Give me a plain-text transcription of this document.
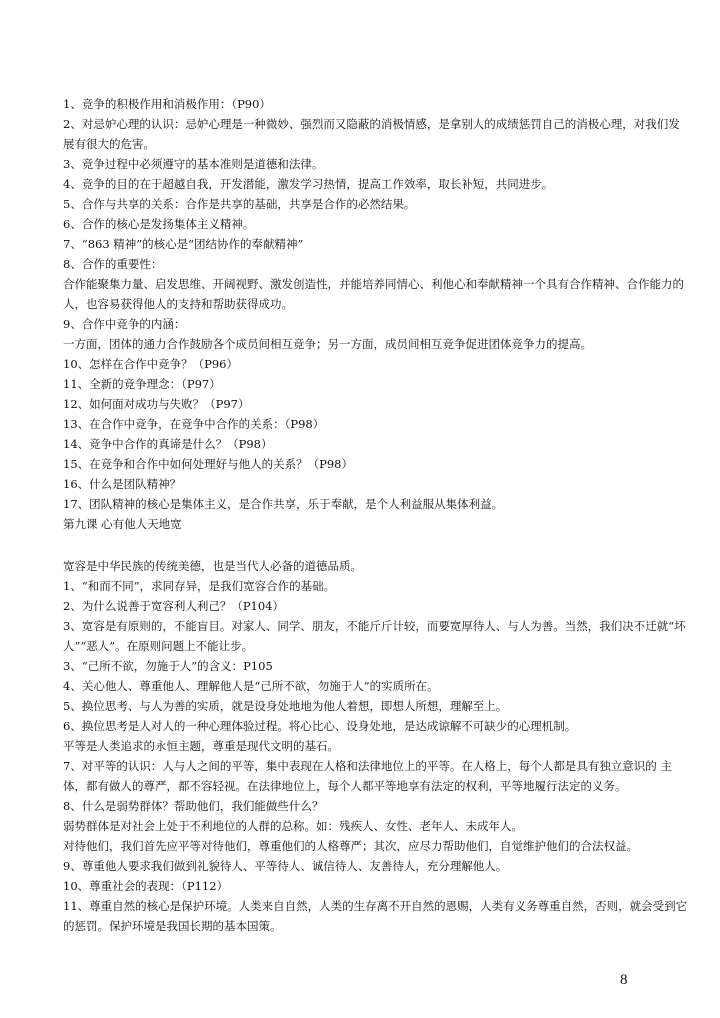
1、竞争的积极作用和消极作用：（P90）

2、对忌妒心理的认识：忌妒心理是一种微妙、强烈而又隐蔽的消极情感，是拿别人的成绩惩罚自己的消极心理，对我们发展有很大的危害。

3、竞争过程中必须遵守的基本准则是道德和法律。

4、竞争的目的在于超越自我，开发潜能，激发学习热情，提高工作效率，取长补短，共同进步。

5、合作与共享的关系：合作是共享的基础，共享是合作的必然结果。

6、合作的核心是发扬集体主义精神。

7、“863 精神”的核心是“团结协作的奉献精神”

8、合作的重要性：

合作能聚集力量、启发思维、开阔视野、激发创造性，并能培养同情心、利他心和奉献精神一个具有合作精神、合作能力的人，也容易获得他人的支持和帮助获得成功。

9、合作中竞争的内涵：

一方面，团体的通力合作鼓励各个成员间相互竞争；另一方面，成员间相互竞争促进团体竞争力的提高。

10、怎样在合作中竞争？（P96）

11、全新的竞争理念：（P97）

12、如何面对成功与失败？（P97）

13、在合作中竞争，在竞争中合作的关系：（P98）

14、竞争中合作的真谛是什么？（P98）

15、在竞争和合作中如何处理好与他人的关系？（P98）

16、什么是团队精神？

17、团队精神的核心是集体主义，是合作共享，乐于奉献，是个人利益服从集体利益。

第九课 心有他人天地宽

宽容是中华民族的传统美德，也是当代人必备的道德品质。

1、“和而不同”，求同存异，是我们宽容合作的基础。

2、为什么说善于宽容利人利己？（P104）

3、宽容是有原则的，不能盲目。对家人、同学、朋友，不能斤斤计较，而要宽厚待人、与人为善。当然，我们决不迁就“坏人”“恶人”。在原则问题上不能让步。

3、“己所不欲，勿施于人”的含义：P105

4、关心他人、尊重他人、理解他人是“己所不欲，勿施于人”的实质所在。

5、换位思考、与人为善的实质，就是设身处地地为他人着想，即想人所想，理解至上。

6、换位思考是人对人的一种心理体验过程。将心比心、设身处地，是达成谅解不可缺少的心理机制。

平等是人类追求的永恒主题，尊重是现代文明的基石。

7、对平等的认识：人与人之间的平等，集中表现在人格和法律地位上的平等。在人格上，每个人都是具有独立意识的 主体，都有做人的尊严，都不容轻视。在法律地位上，每个人都平等地享有法定的权利，平等地履行法定的义务。

8、什么是弱势群体？帮助他们，我们能做些什么？

弱势群体是对社会上处于不利地位的人群的总称。如：残疾人、女性、老年人、未成年人。

对待他们，我们首先应平等对待他们，尊重他们的人格尊严；其次，应尽力帮助他们，自觉维护他们的合法权益。

9、尊重他人要求我们做到礼貌待人、平等待人、诚信待人、友善待人，充分理解他人。

10、尊重社会的表现：（P112）

11、尊重自然的核心是保护环境。人类来自自然，人类的生存离不开自然的恩赐，人类有义务尊重自然，否则，就会受到它的惩罚。保护环境是我国长期的基本国策。

8
